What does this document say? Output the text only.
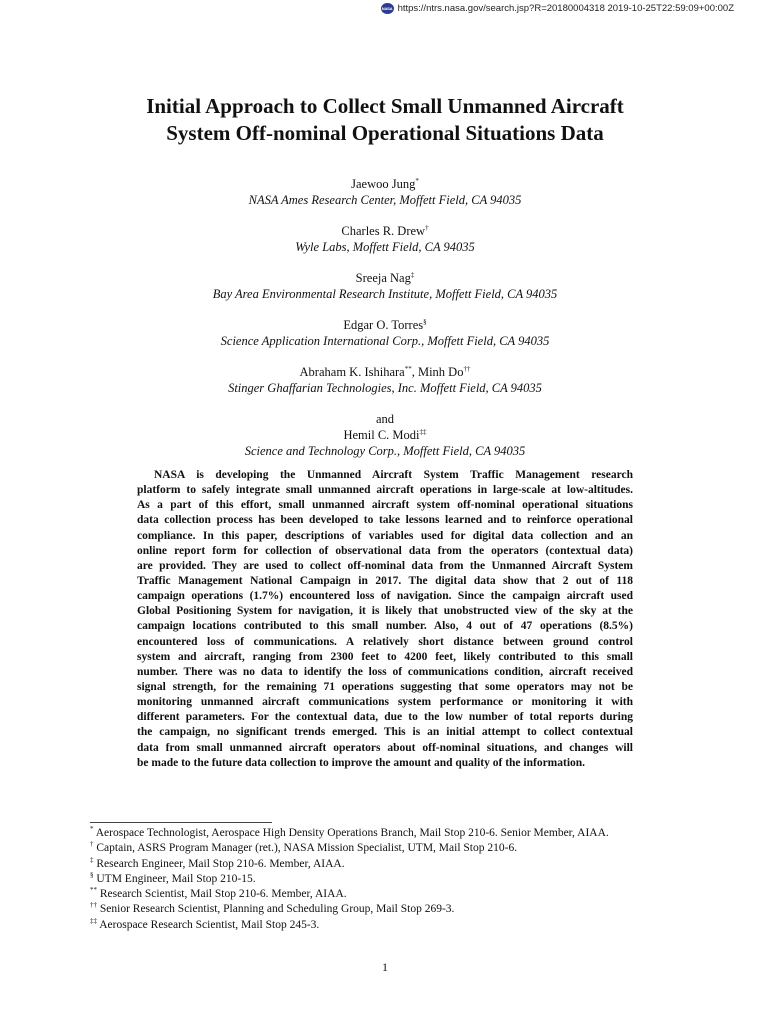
NASA https://ntrs.nasa.gov/search.jsp?R=20180004318 2019-10-25T22:59:09+00:00Z
Initial Approach to Collect Small Unmanned Aircraft
System Off-nominal Operational Situations Data
Jaewoo Jung*
NASA Ames Research Center, Moffett Field, CA 94035
Charles R. Drew†
Wyle Labs, Moffett Field, CA 94035
Sreeja Nag‡
Bay Area Environmental Research Institute, Moffett Field, CA 94035
Edgar O. Torres§
Science Application International Corp., Moffett Field, CA 94035
Abraham K. Ishihara**, Minh Do††
Stinger Ghaffarian Technologies, Inc. Moffett Field, CA 94035
and
Hemil C. Modi‡‡
Science and Technology Corp., Moffett Field, CA 94035
NASA is developing the Unmanned Aircraft System Traffic Management research
platform to safely integrate small unmanned aircraft operations in large-scale at low-altitudes.
As a part of this effort, small unmanned aircraft system off-nominal operational situations
data collection process has been developed to take lessons learned and to reinforce operational
compliance. In this paper, descriptions of variables used for digital data collection and an
online report form for collection of observational data from the operators (contextual data)
are provided. They are used to collect off-nominal data from the Unmanned Aircraft System
Traffic Management National Campaign in 2017. The digital data show that 2 out of 118
campaign operations (1.7%) encountered loss of navigation. Since the campaign aircraft used
Global Positioning System for navigation, it is likely that unobstructed view of the sky at the
campaign locations contributed to this small number. Also, 4 out of 47 operations (8.5%)
encountered loss of communications. A relatively short distance between ground control
system and aircraft, ranging from 2300 feet to 4200 feet, likely contributed to this small
number. There was no data to identify the loss of communications condition, aircraft received
signal strength, for the remaining 71 operations suggesting that some operators may not be
monitoring unmanned aircraft communications system performance or monitoring it with
different parameters. For the contextual data, due to the low number of total reports during
the campaign, no significant trends emerged. This is an initial attempt to collect contextual
data from small unmanned aircraft operators about off-nominal situations, and changes will
be made to the future data collection to improve the amount and quality of the information.
* Aerospace Technologist, Aerospace High Density Operations Branch, Mail Stop 210-6. Senior Member, AIAA.
† Captain, ASRS Program Manager (ret.), NASA Mission Specialist, UTM, Mail Stop 210-6.
‡ Research Engineer, Mail Stop 210-6. Member, AIAA.
§ UTM Engineer, Mail Stop 210-15.
** Research Scientist, Mail Stop 210-6. Member, AIAA.
†† Senior Research Scientist, Planning and Scheduling Group, Mail Stop 269-3.
‡‡ Aerospace Research Scientist, Mail Stop 245-3.
1
